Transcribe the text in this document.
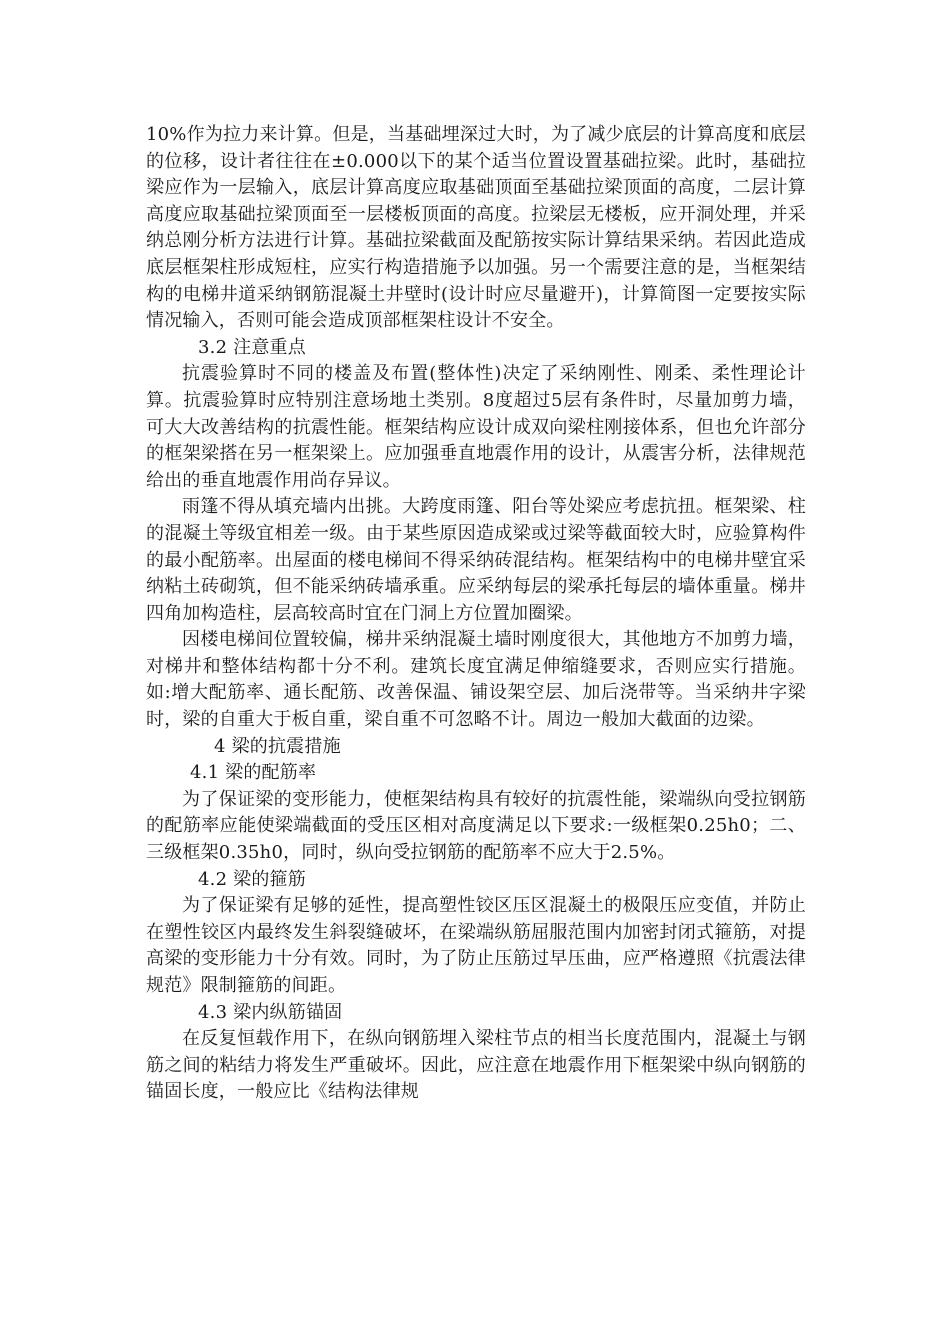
10%作为拉力来计算。但是，当基础埋深过大时，为了减少底层的计算高度和底层的位移，设计者往往在±0.000以下的某个适当位置设置基础拉梁。此时，基础拉梁应作为一层输入，底层计算高度应取基础顶面至基础拉梁顶面的高度，二层计算高度应取基础拉梁顶面至一层楼板顶面的高度。拉梁层无楼板，应开洞处理，并采纳总刚分析方法进行计算。基础拉梁截面及配筋按实际计算结果采纳。若因此造成底层框架柱形成短柱，应实行构造措施予以加强。另一个需要注意的是，当框架结构的电梯井道采纳钢筋混凝土井壁时(设计时应尽量避开)，计算简图一定要按实际情况输入，否则可能会造成顶部框架柱设计不安全。

3.2 注意重点

抗震验算时不同的楼盖及布置(整体性)决定了采纳刚性、刚柔、柔性理论计算。抗震验算时应特别注意场地土类别。8度超过5层有条件时，尽量加剪力墙，可大大改善结构的抗震性能。框架结构应设计成双向梁柱刚接体系，但也允许部分的框架梁搭在另一框架梁上。应加强垂直地震作用的设计，从震害分析，法律规范给出的垂直地震作用尚存异议。

雨篷不得从填充墙内出挑。大跨度雨篷、阳台等处梁应考虑抗扭。框架梁、柱的混凝土等级宜相差一级。由于某些原因造成梁或过梁等截面较大时，应验算构件的最小配筋率。出屋面的楼电梯间不得采纳砖混结构。框架结构中的电梯井壁宜采纳粘土砖砌筑，但不能采纳砖墙承重。应采纳每层的梁承托每层的墙体重量。梯井四角加构造柱，层高较高时宜在门洞上方位置加圈梁。

因楼电梯间位置较偏，梯井采纳混凝土墙时刚度很大，其他地方不加剪力墙，对梯井和整体结构都十分不利。建筑长度宜满足伸缩缝要求，否则应实行措施。如:增大配筋率、通长配筋、改善保温、铺设架空层、加后浇带等。当采纳井字梁时，梁的自重大于板自重，梁自重不可忽略不计。周边一般加大截面的边梁。

4 梁的抗震措施

4.1 梁的配筋率

为了保证梁的变形能力，使框架结构具有较好的抗震性能，梁端纵向受拉钢筋的配筋率应能使梁端截面的受压区相对高度满足以下要求:一级框架0.25h0；二、三级框架0.35h0，同时，纵向受拉钢筋的配筋率不应大于2.5%。

4.2 梁的箍筋

为了保证梁有足够的延性，提高塑性铰区压区混凝土的极限压应变值，并防止在塑性铰区内最终发生斜裂缝破坏，在梁端纵筋屈服范围内加密封闭式箍筋，对提高梁的变形能力十分有效。同时，为了防止压筋过早压曲，应严格遵照《抗震法律规范》限制箍筋的间距。

4.3 梁内纵筋锚固

在反复恒载作用下，在纵向钢筋埋入梁柱节点的相当长度范围内，混凝土与钢筋之间的粘结力将发生严重破坏。因此，应注意在地震作用下框架梁中纵向钢筋的锚固长度，一般应比《结构法律规
